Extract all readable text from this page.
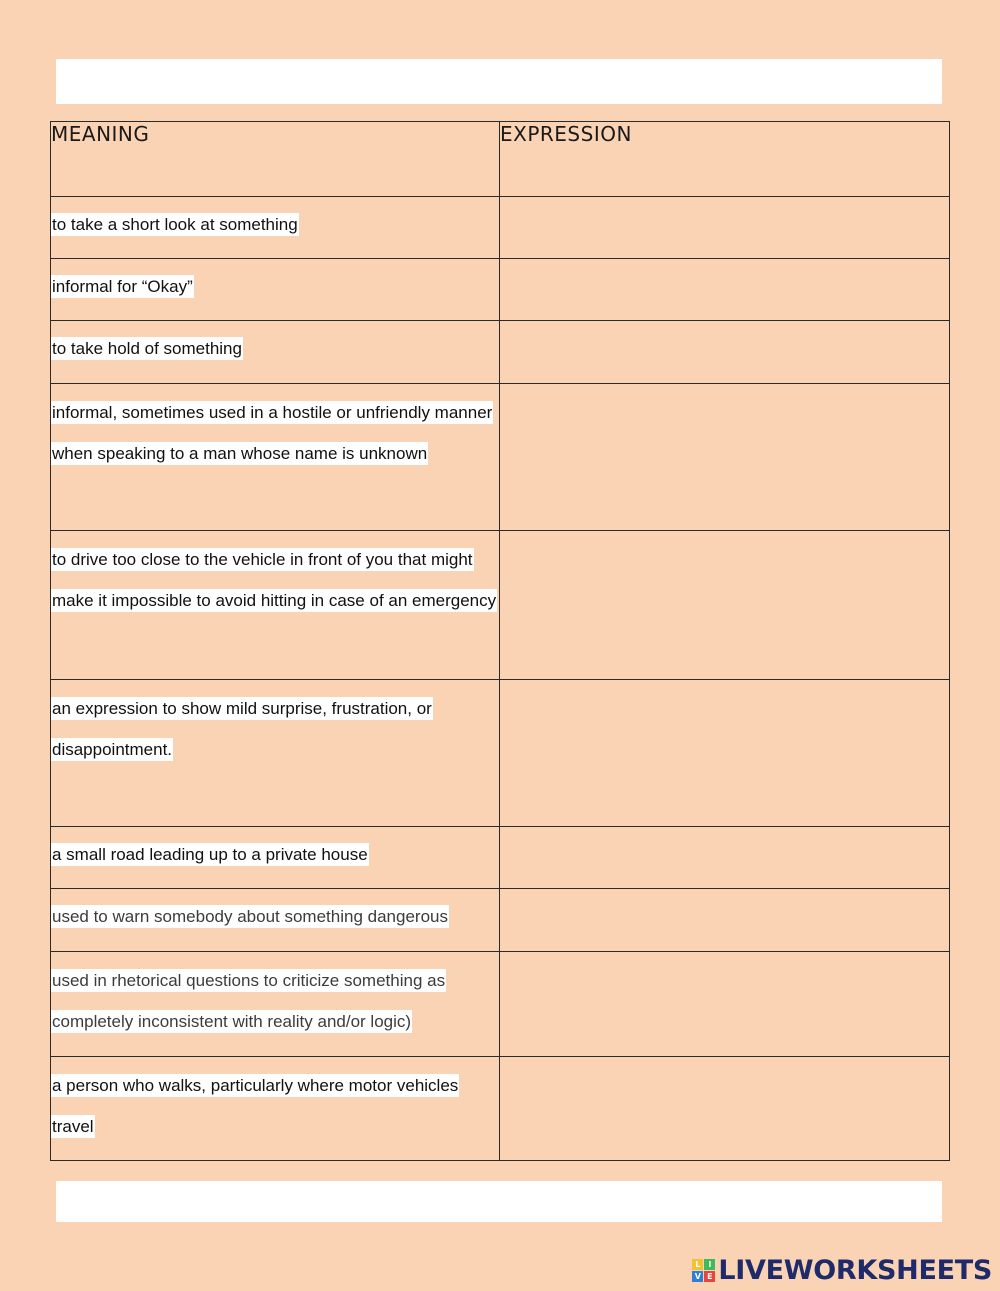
MEANING	EXPRESSION
to take a short look at something	
informal for “Okay”	
to take hold of something	
informal, sometimes used in a hostile or unfriendly manner when speaking to a man whose name is unknown	
to drive too close to the vehicle in front of you that might make it impossible to avoid hitting in case of an emergency	
an expression to show mild surprise, frustration, or disappointment.	
a small road leading up to a private house	
used to warn somebody about something dangerous	
used in rhetorical questions to criticize something as completely inconsistent with reality and/or logic)	
a person who walks, particularly where motor vehicles travel	
L I
V E LIVEWORKSHEETS
